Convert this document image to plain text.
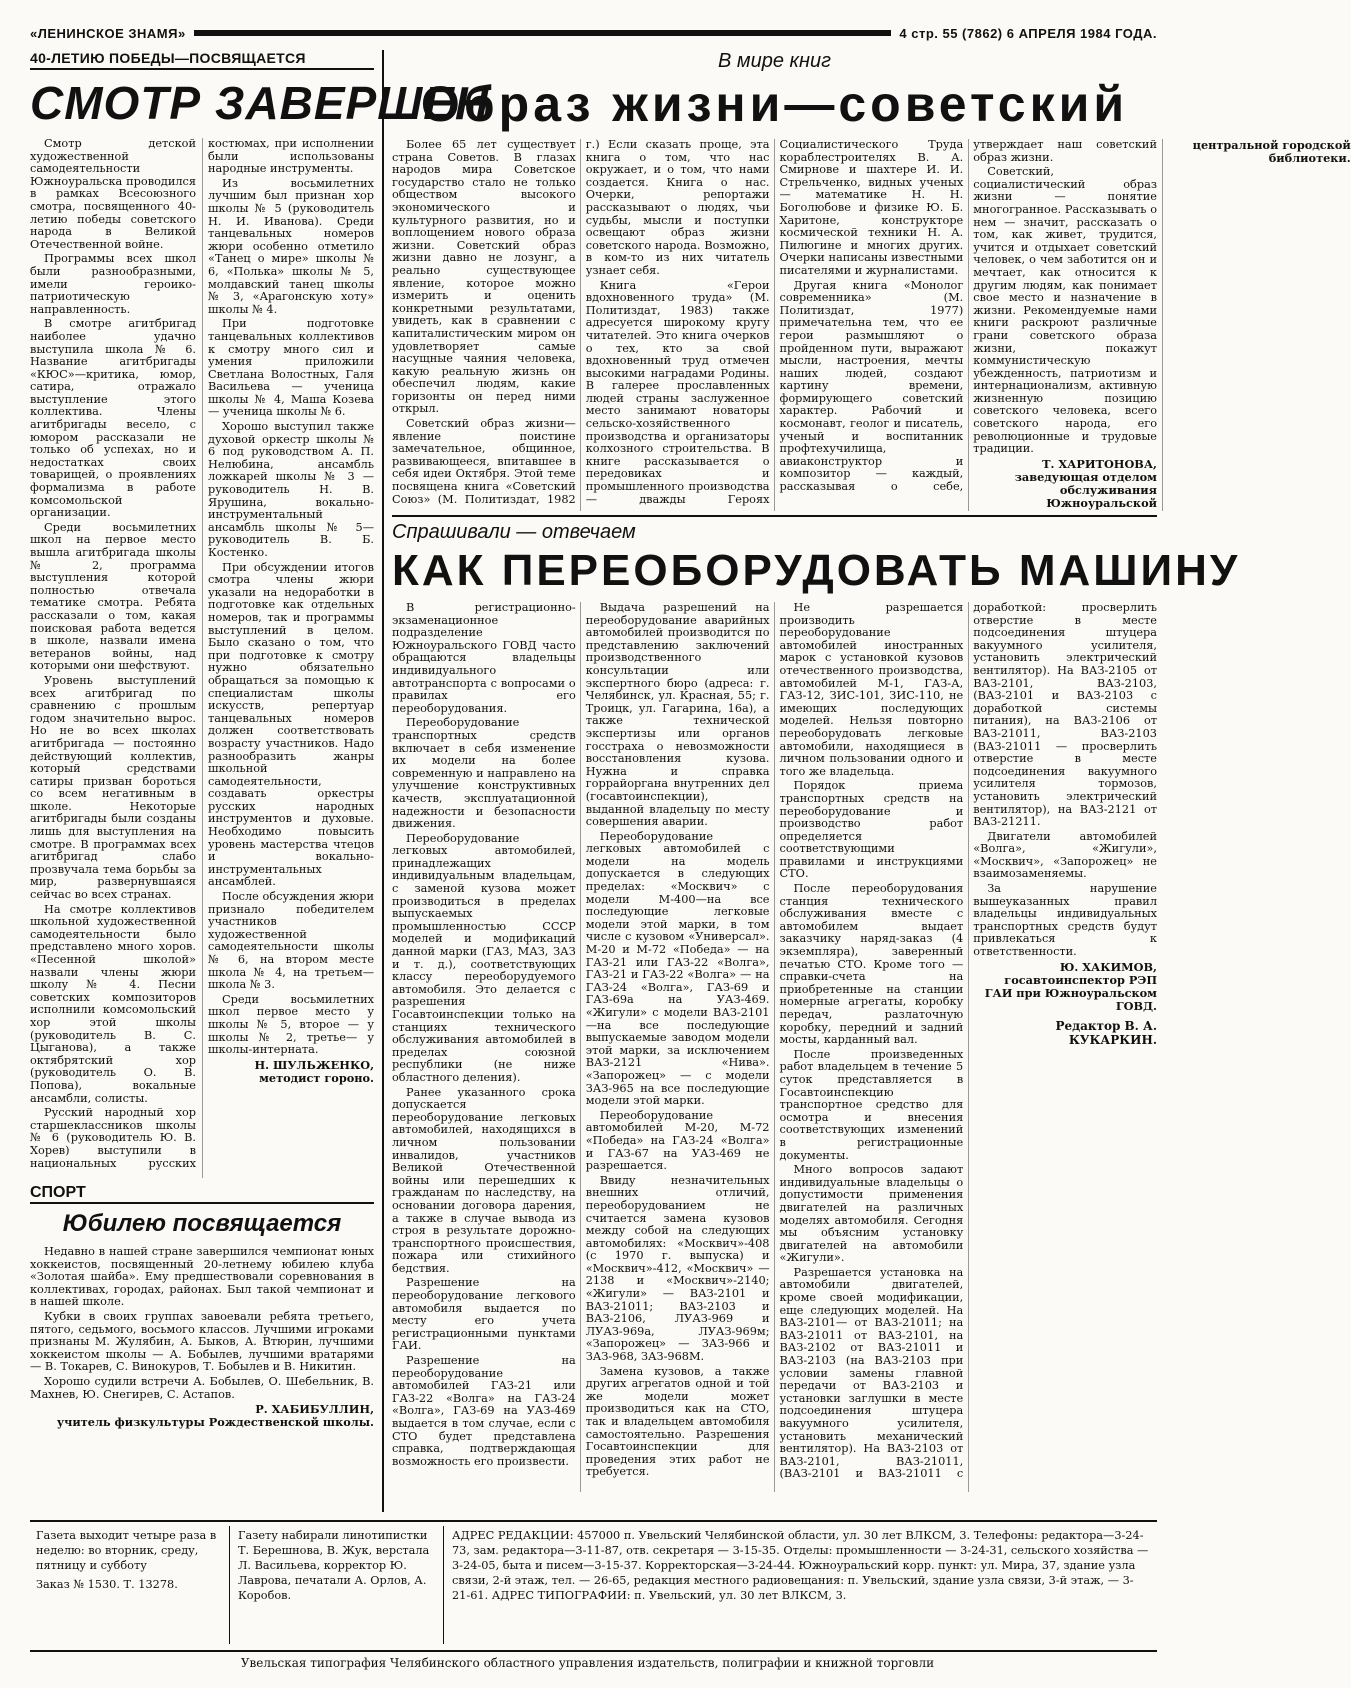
«ЛЕНИНСКОЕ ЗНАМЯ»	4 стр. 55 (7862) 6 АПРЕЛЯ 1984 ГОДА.
40-ЛЕТИЮ ПОБЕДЫ—ПОСВЯЩАЕТСЯ
СМОТР ЗАВЕРШЕН

Смотр детской художественной самодеятельности Южноуральска проводился в рамках Всесоюзного смотра, посвященного 40-летию победы советского народа в Великой Отечественной войне.

Программы всех школ были разнообразными, имели героико-патриотическую направленность.

В смотре агитбригад наиболее удачно выступила школа № 6. Название агитбригады «КЮС»—критика, юмор, сатира, отражало выступление этого коллектива. Члены агитбригады весело, с юмором рассказали не только об успехах, но и недостатках своих товарищей, о проявлениях формализма в работе комсомольской организации.

Среди восьмилетних школ на первое место вышла агитбригада школы № 2, программа выступления которой полностью отвечала тематике смотра. Ребята рассказали о том, какая поисковая работа ведется в школе, назвали имена ветеранов войны, над которыми они шефствуют.

Уровень выступлений всех агитбригад по сравнению с прошлым годом значительно вырос. Но не во всех школах агитбригада — постоянно действующий коллектив, который средствами сатиры призван бороться со всем негативным в школе. Некоторые агитбригады были созданы лишь для выступления на смотре. В программах всех агитбригад слабо прозвучала тема борьбы за мир, развернувшаяся сейчас во всех странах.

На смотре коллективов школьной художественной самодеятельности было представлено много хоров. «Песенной школой» назвали члены жюри школу № 4. Песни советских композиторов исполнили комсомольский хор этой школы (руководитель В. С. Цыганова), а также октябрятский хор (руководитель О. В. Попова), вокальные ансамбли, солисты.

Русский народный хор старшеклассников школы № 6 (руководитель Ю. В. Хорев) выступили в национальных русских костюмах, при исполнении были использованы народные инструменты.

Из восьмилетних лучшим был признан хор школы № 5 (руководитель Н. И. Иванова). Среди танцевальных номеров жюри особенно отметило «Танец о мире» школы № 6, «Полька» школы № 5, молдавский танец школы № 3, «Арагонскую хоту» школы № 4.

При подготовке танцевальных коллективов к смотру много сил и умения приложили Светлана Волостных, Галя Васильева — ученица школы № 4, Маша Козева — ученица школы № 6.

Хорошо выступил также духовой оркестр школы № 6 под руководством А. П. Нелюбина, ансамбль ложкарей школы № 3 —руководитель Н. В. Ярушина, вокально-инструментальный ансамбль школы № 5— руководитель В. Б. Костенко.

При обсуждении итогов смотра члены жюри указали на недоработки в подготовке как отдельных номеров, так и программы выступлений в целом. Было сказано о том, что при подготовке к смотру нужно обязательно обращаться за помощью к специалистам школы искусств, репертуар танцевальных номеров должен соответствовать возрасту участников. Надо разнообразить жанры школьной самодеятельности, создавать оркестры русских народных инструментов и духовые. Необходимо повысить уровень мастерства чтецов и вокально-инструментальных ансамблей.

После обсуждения жюри признало победителем участников художественной самодеятельности школы № 6, на втором месте школа № 4, на третьем—школа № 3.

Среди восьмилетних школ первое место у школы № 5, второе — у школы № 2, третье— у школы-интерната.

Н. ШУЛЬЖЕНКО,
методист гороно.
СПОРТ
Юбилею посвящается

Недавно в нашей стране завершился чемпионат юных хоккеистов, посвященный 20-летнему юбилею клуба «Золотая шайба». Ему предшествовали соревнования в коллективах, городах, районах. Был такой чемпионат и в нашей школе.

Кубки в своих группах завоевали ребята третьего, пятого, седьмого, восьмого классов. Лучшими игроками признаны М. Жулябин, А. Быков, А. Втюрин, лучшими хоккеистом школы — А. Бобылев, лучшими вратарями — В. Токарев, С. Винокуров, Т. Бобылев и В. Никитин.

Хорошо судили встречи А. Бобылев, О. Шебельник, В. Махнев, Ю. Снегирев, С. Астапов.

Р. ХАБИБУЛЛИН,
учитель физкультуры Рождественской школы.
В мире книг
Образ жизни—советский

Более 65 лет существует страна Советов. В глазах народов мира Советское государство стало не только обществом высокого экономического и культурного развития, но и воплощением нового образа жизни. Советский образ жизни давно не лозунг, а реально существующее явление, которое можно измерить и оценить конкретными результатами, увидеть, как в сравнении с капиталистическим миром он удовлетворяет самые насущные чаяния человека, какую реальную жизнь он обеспечил людям, какие горизонты он перед ними открыл.

Советский образ жизни—явление поистине замечательное, общинное, развивающееся, впитавшее в себя идеи Октября. Этой теме посвящена книга «Советский Союз» (М. Политиздат, 1982 г.) Если сказать проще, эта книга о том, что нас окружает, и о том, что нами создается. Книга о нас. Очерки, репортажи рассказывают о людях, чьи судьбы, мысли и поступки освещают образ жизни советского народа. Возможно, в ком-то из них читатель узнает себя.

Книга «Герои вдохновенного труда» (М. Политиздат, 1983) также адресуется широкому кругу читателей. Это книга очерков о тех, кто за свой вдохновенный труд отмечен высокими наградами Родины. В галерее прославленных людей страны заслуженное место занимают новаторы сельско-хозяйственного производства и организаторы колхозного строительства. В книге рассказывается о передовиках и промышленного производства — дважды Героях Социалистического Труда кораблестроителях В. А. Смирнове и шахтере И. И. Стрельченко, видных ученых — математике Н. Н. Боголюбове и физике Ю. Б. Харитоне, конструкторе космической техники Н. А. Пилюгине и многих других. Очерки написаны известными писателями и журналистами.

Другая книга «Монолог современника» (М. Политиздат, 1977) примечательна тем, что ее герои размышляют о пройденном пути, выражают мысли, настроения, мечты наших людей, создают картину времени, формирующего советский характер. Рабочий и космонавт, геолог и писатель, ученый и воспитанник профтехучилища, авиаконструктор и композитор — каждый, рассказывая о себе, утверждает наш советский образ жизни.

Советский, социалистический образ жизни — понятие многогранное. Рассказывать о нем — значит, рассказать о том, как живет, трудится, учится и отдыхает советский человек, о чем заботится он и мечтает, как относится к другим людям, как понимает свое место и назначение в жизни. Рекомендуемые нами книги раскроют различные грани советского образа жизни, покажут коммунистическую убежденность, патриотизм и интернационализм, активную жизненную позицию советского человека, всего советского народа, его революционные и трудовые традиции.

Т. ХАРИТОНОВА,
заведующая отделом обслуживания Южноуральской центральной городской библиотеки.
Спрашивали — отвечаем
КАК ПЕРЕОБОРУДОВАТЬ МАШИНУ

В регистрационно-экзаменационное подразделение Южноуральского ГОВД часто обращаются владельцы индивидуального автотранспорта с вопросами о правилах его переоборудования.

Переоборудование транспортных средств включает в себя изменение их модели на более современную и направлено на улучшение конструктивных качеств, эксплуатационной надежности и безопасности движения.

Переоборудование легковых автомобилей, принадлежащих индивидуальным владельцам, с заменой кузова может производиться в пределах выпускаемых промышленностью СССР моделей и модификаций данной марки (ГАЗ, МАЗ, ЗАЗ и т. д.), соответствующих классу переоборудуемого автомобиля. Это делается с разрешения Госавтоинспекции только на станциях технического обслуживания автомобилей в пределах союзной республики (не ниже областного деления).

Ранее указанного срока допускается переоборудование легковых автомобилей, находящихся в личном пользовании инвалидов, участников Великой Отечественной войны или перешедших к гражданам по наследству, на основании договора дарения, а также в случае вывода из строя в результате дорожно-транспортного происшествия, пожара или стихийного бедствия.

Разрешение на переоборудование легкового автомобиля выдается по месту его учета регистрационными пунктами ГАИ.

Разрешение на переоборудование автомобилей ГАЗ-21 или ГАЗ-22 «Волга» на ГАЗ-24 «Волга», ГАЗ-69 на УАЗ-469 выдается в том случае, если с СТО будет представлена справка, подтверждающая возможность его произвести.

Выдача разрешений на переоборудование аварийных автомобилей производится по представлению заключений производственного консультации или экспертного бюро (адреса: г. Челябинск, ул. Красная, 55; г. Троицк, ул. Гагарина, 16а), а также технической экспертизы или органов госстраха о невозможности восстановления кузова. Нужна и справка горрайоргана внутренних дел (госавтоинспекции), выданной владельцу по месту совершения аварии.

Переоборудование легковых автомобилей с модели на модель допускается в следующих пределах: «Москвич» с модели М-400—на все последующие легковые модели этой марки, в том числе с кузовом «Универсал». М-20 и М-72 «Победа» — на ГАЗ-21 или ГАЗ-22 «Волга», ГАЗ-21 и ГАЗ-22 «Волга» — на ГАЗ-24 «Волга», ГАЗ-69 и ГАЗ-69а на УАЗ-469. «Жигули» с модели ВАЗ-2101—на все последующие выпускаемые заводом модели этой марки, за исключением ВАЗ-2121 «Нива». «Запорожец» — с модели ЗАЗ-965 на все последующие модели этой марки.

Переоборудование автомобилей М-20, М-72 «Победа» на ГАЗ-24 «Волга» и ГАЗ-67 на УАЗ-469 не разрешается.

Ввиду незначительных внешних отличий, переоборудованием не считается замена кузовов между собой на следующих автомобилях: «Москвич»-408 (с 1970 г. выпуска) и «Москвич»-412, «Москвич» — 2138 и «Москвич»-2140; «Жигули» — ВАЗ-2101 и ВАЗ-21011; ВАЗ-2103 и ВАЗ-2106, ЛУАЗ-969 и ЛУАЗ-969а, ЛУАЗ-969м; «Запорожец» — ЗАЗ-966 и ЗАЗ-968, ЗАЗ-968М.

Замена кузовов, а также других агрегатов одной и той же модели может производиться как на СТО, так и владельцем автомобиля самостоятельно. Разрешения Госавтоинспекции для проведения этих работ не требуется.

Не разрешается производить переоборудование автомобилей иностранных марок с установкой кузовов отечественного производства, автомобилей М-1, ГАЗ-А, ГАЗ-12, ЗИС-101, ЗИС-110, не имеющих последующих моделей. Нельзя повторно переоборудовать легковые автомобили, находящиеся в личном пользовании одного и того же владельца.

Порядок приема транспортных средств на переоборудование и производство работ определяется соответствующими правилами и инструкциями СТО.

После переоборудования станция технического обслуживания вместе с автомобилем выдает заказчику наряд-заказ (4 экземпляра), заверенный печатью СТО. Кроме того — справки-счета на приобретенные на станции номерные агрегаты, коробку передач, разлаточную коробку, передний и задний мосты, карданный вал.

После произведенных работ владельцем в течение 5 суток представляется в Госавтоинспекцию транспортное средство для осмотра и внесения соответствующих изменений в регистрационные документы.

Много вопросов задают индивидуальные владельцы о допустимости применения двигателей на различных моделях автомобиля. Сегодня мы объясним установку двигателей на автомобили «Жигули».

Разрешается установка на автомобили двигателей, кроме своей модификации, еще следующих моделей. На ВАЗ-2101— от ВАЗ-21011; на ВАЗ-21011 от ВАЗ-2101, на ВАЗ-2102 от ВАЗ-21011 и ВАЗ-2103 (на ВАЗ-2103 при условии замены главной передачи от ВАЗ-2103 и установки заглушки в месте подсоединения штуцера вакуумного усилителя, установить механический вентилятор). На ВАЗ-2103 от ВАЗ-2101, ВАЗ-21011, (ВАЗ-2101 и ВАЗ-21011 с доработкой: просверлить отверстие в месте подсоединения штуцера вакуумного усилителя, установить электрический вентилятор). На ВАЗ-2105 от ВАЗ-2101, ВАЗ-2103, (ВАЗ-2101 и ВАЗ-2103 с доработкой системы питания), на ВАЗ-2106 от ВАЗ-21011, ВАЗ-2103 (ВАЗ-21011 — просверлить отверстие в месте подсоединения вакуумного усилителя тормозов, установить электрический вентилятор), на ВАЗ-2121 от ВАЗ-21211.

Двигатели автомобилей «Волга», «Жигули», «Москвич», «Запорожец» не взаимозаменяемы.

За нарушение вышеуказанных правил владельцы индивидуальных транспортных средств будут привлекаться к ответственности.

Ю. ХАКИМОВ,
госавтоинспектор РЭП ГАИ при Южноуральском ГОВД.
Редактор В. А. КУКАРКИН.
Газета выходит четыре раза в неделю: во вторник, среду, пятницу и субботу
Заказ № 1530. Т. 13278.
Газету набирали линотипистки Т. Берешнова, В. Жук, верстала Л. Васильева, корректор Ю. Лаврова, печатали А. Орлов, А. Коробов.
АДРЕС РЕДАКЦИИ: 457000 п. Увельский Челябинской области, ул. 30 лет ВЛКСМ, 3. Телефоны: редактора—3-24-73, зам. редактора—3-11-87, отв. секретаря — 3-15-35. Отделы: промышленности — 3-24-31, сельского хозяйства — 3-24-05, быта и писем—3-15-37. Корректорская—3-24-44. Южноуральский корр. пункт: ул. Мира, 37, здание узла связи, 2-й этаж, тел. — 26-65, редакция местного радиовещания: п. Увельский, здание узла связи, 3-й этаж, — 3-21-61. АДРЕС ТИПОГРАФИИ: п. Увельский, ул. 30 лет ВЛКСМ, 3.
Увельская типография Челябинского областного управления издательств, полиграфии и книжной торговли
